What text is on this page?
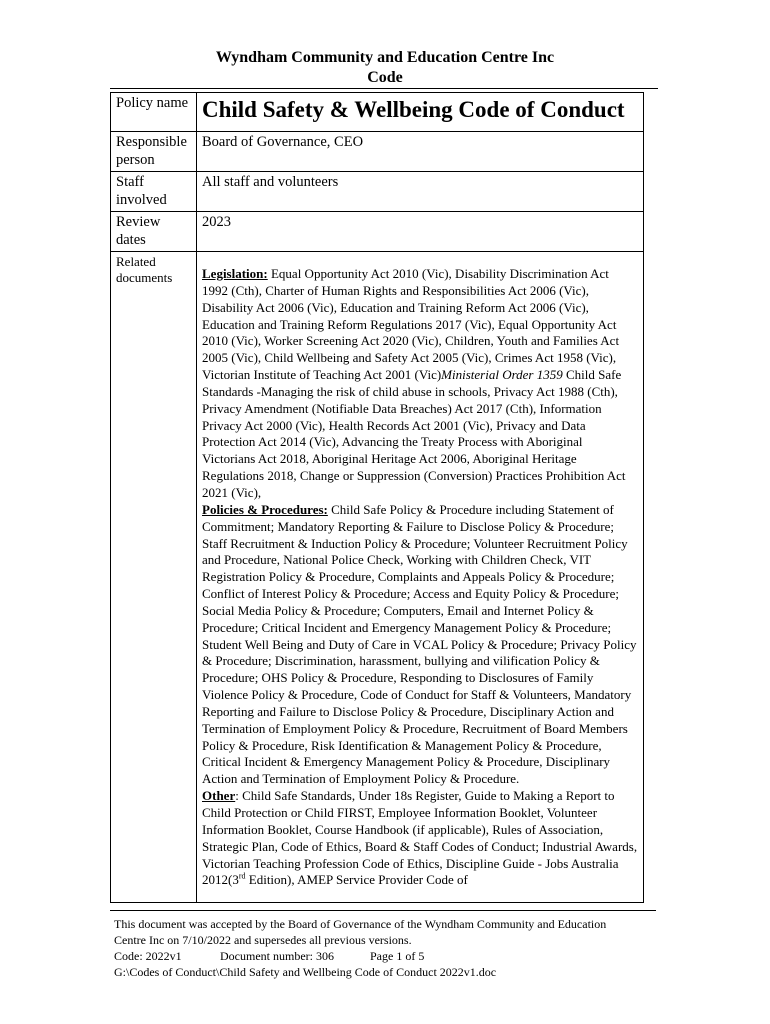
Wyndham Community and Education Centre Inc
Code
Policy name	Child Safety & Wellbeing Code of Conduct
Responsible person	Board of Governance, CEO
Staff involved	All staff and volunteers
Review dates	2023
Related documents	Legislation: Equal Opportunity Act 2010 (Vic), Disability Discrimination Act 1992 (Cth), Charter of Human Rights and Responsibilities Act 2006 (Vic), Disability Act 2006 (Vic), Education and Training Reform Act 2006 (Vic), Education and Training Reform Regulations 2017 (Vic), Equal Opportunity Act 2010 (Vic), Worker Screening Act 2020 (Vic), Children, Youth and Families Act 2005 (Vic), Child Wellbeing and Safety Act 2005 (Vic), Crimes Act 1958 (Vic), Victorian Institute of Teaching Act 2001 (Vic)Ministerial Order 1359 Child Safe Standards -Managing the risk of child abuse in schools, Privacy Act 1988 (Cth), Privacy Amendment (Notifiable Data Breaches) Act 2017 (Cth), Information Privacy Act 2000 (Vic), Health Records Act 2001 (Vic), Privacy and Data Protection Act 2014 (Vic), Advancing the Treaty Process with Aboriginal Victorians Act 2018, Aboriginal Heritage Act 2006, Aboriginal Heritage Regulations 2018, Change or Suppression (Conversion) Practices Prohibition Act 2021 (Vic),
Policies & Procedures: Child Safe Policy & Procedure including Statement of Commitment; Mandatory Reporting & Failure to Disclose Policy & Procedure; Staff Recruitment & Induction Policy & Procedure; Volunteer Recruitment Policy and Procedure, National Police Check, Working with Children Check, VIT Registration Policy & Procedure, Complaints and Appeals Policy & Procedure; Conflict of Interest Policy & Procedure; Access and Equity Policy & Procedure; Social Media Policy & Procedure; Computers, Email and Internet Policy & Procedure; Critical Incident and Emergency Management Policy & Procedure; Student Well Being and Duty of Care in VCAL Policy & Procedure; Privacy Policy & Procedure; Discrimination, harassment, bullying and vilification Policy & Procedure; OHS Policy & Procedure, Responding to Disclosures of Family Violence Policy & Procedure, Code of Conduct for Staff & Volunteers, Mandatory Reporting and Failure to Disclose Policy & Procedure, Disciplinary Action and Termination of Employment Policy & Procedure, Recruitment of Board Members Policy & Procedure, Risk Identification & Management Policy & Procedure, Critical Incident & Emergency Management Policy & Procedure, Disciplinary Action and Termination of Employment Policy & Procedure.
Other: Child Safe Standards, Under 18s Register, Guide to Making a Report to Child Protection or Child FIRST, Employee Information Booklet, Volunteer Information Booklet, Course Handbook (if applicable), Rules of Association, Strategic Plan, Code of Ethics, Board & Staff Codes of Conduct; Industrial Awards, Victorian Teaching Profession Code of Ethics, Discipline Guide - Jobs Australia 2012(3rd Edition), AMEP Service Provider Code of
This document was accepted by the Board of Governance of the Wyndham Community and Education
Centre Inc on 7/10/2022 and supersedes all previous versions.
Code: 2022v1	Document number: 306	Page 1 of 5
G:\Codes of Conduct\Child Safety and Wellbeing Code of Conduct 2022v1.doc
